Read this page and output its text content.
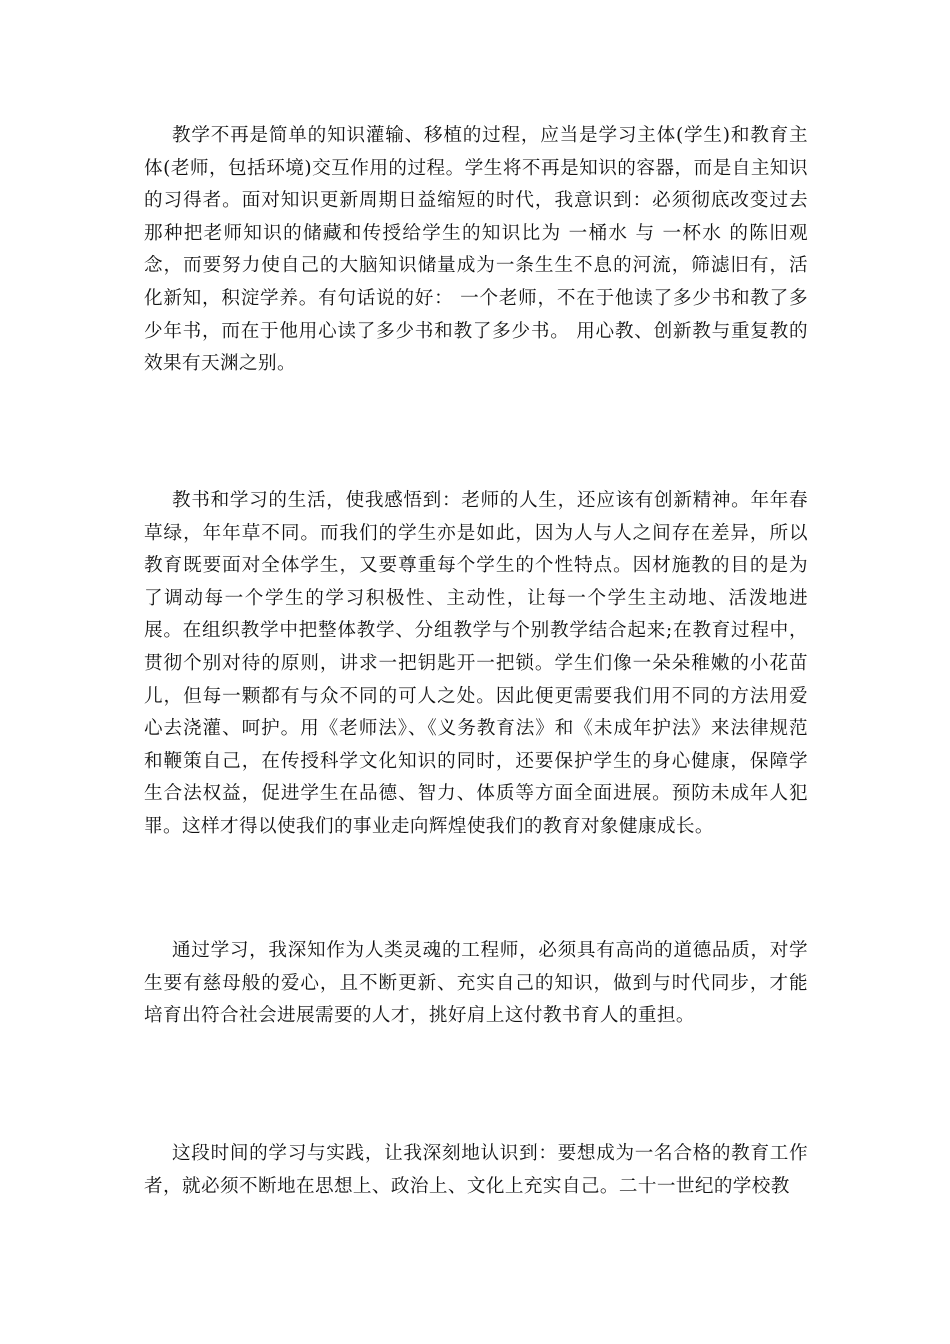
教学不再是简单的知识灌输、移植的过程，应当是学习主体(学生)和教育主体(老师，包括环境)交互作用的过程。学生将不再是知识的容器，而是自主知识的习得者。面对知识更新周期日益缩短的时代，我意识到：必须彻底改变过去那种把老师知识的储藏和传授给学生的知识比为 一桶水 与 一杯水 的陈旧观念，而要努力使自己的大脑知识储量成为一条生生不息的河流，筛滤旧有，活化新知，积淀学养。有句话说的好： 一个老师，不在于他读了多少书和教了多少年书，而在于他用心读了多少书和教了多少书。 用心教、创新教与重复教的效果有天渊之别。

教书和学习的生活，使我感悟到：老师的人生，还应该有创新精神。年年春草绿，年年草不同。而我们的学生亦是如此，因为人与人之间存在差异，所以教育既要面对全体学生，又要尊重每个学生的个性特点。因材施教的目的是为了调动每一个学生的学习积极性、主动性，让每一个学生主动地、活泼地进展。在组织教学中把整体教学、分组教学与个别教学结合起来;在教育过程中，贯彻个别对待的原则，讲求一把钥匙开一把锁。学生们像一朵朵稚嫩的小花苗儿，但每一颗都有与众不同的可人之处。因此便更需要我们用不同的方法用爱心去浇灌、呵护。用《老师法》、《义务教育法》和《未成年护法》来法律规范和鞭策自己，在传授科学文化知识的同时，还要保护学生的身心健康，保障学生合法权益，促进学生在品德、智力、体质等方面全面进展。预防未成年人犯罪。这样才得以使我们的事业走向辉煌使我们的教育对象健康成长。

通过学习，我深知作为人类灵魂的工程师，必须具有高尚的道德品质，对学生要有慈母般的爱心，且不断更新、充实自己的知识，做到与时代同步，才能培育出符合社会进展需要的人才，挑好肩上这付教书育人的重担。

这段时间的学习与实践，让我深刻地认识到：要想成为一名合格的教育工作者，就必须不断地在思想上、政治上、文化上充实自己。二十一世纪的学校教
